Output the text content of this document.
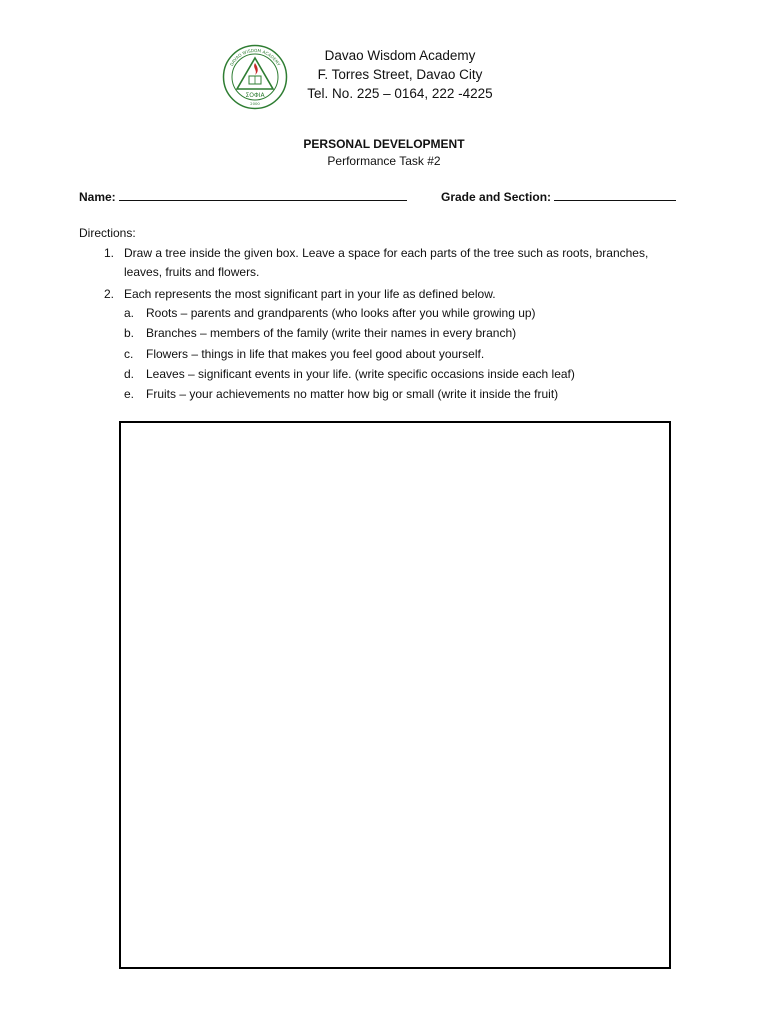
ΣΟΦΙΑ
2000
DAVAO WISDOM ACADEMY
Davao Wisdom Academy
F. Torres Street, Davao City
Tel. No. 225 – 0164, 222 -4225
PERSONAL DEVELOPMENT
Performance Task #2
Name:	Grade and Section:
Directions:
1. Draw a tree inside the given box. Leave a space for each parts of the tree such as roots, branches,
leaves, fruits and flowers.
2. Each represents the most significant part in your life as defined below.
a. Roots – parents and grandparents (who looks after you while growing up)
b. Branches – members of the family (write their names in every branch)
c. Flowers – things in life that makes you feel good about yourself.
d. Leaves – significant events in your life. (write specific occasions inside each leaf)
e. Fruits – your achievements no matter how big or small (write it inside the fruit)
